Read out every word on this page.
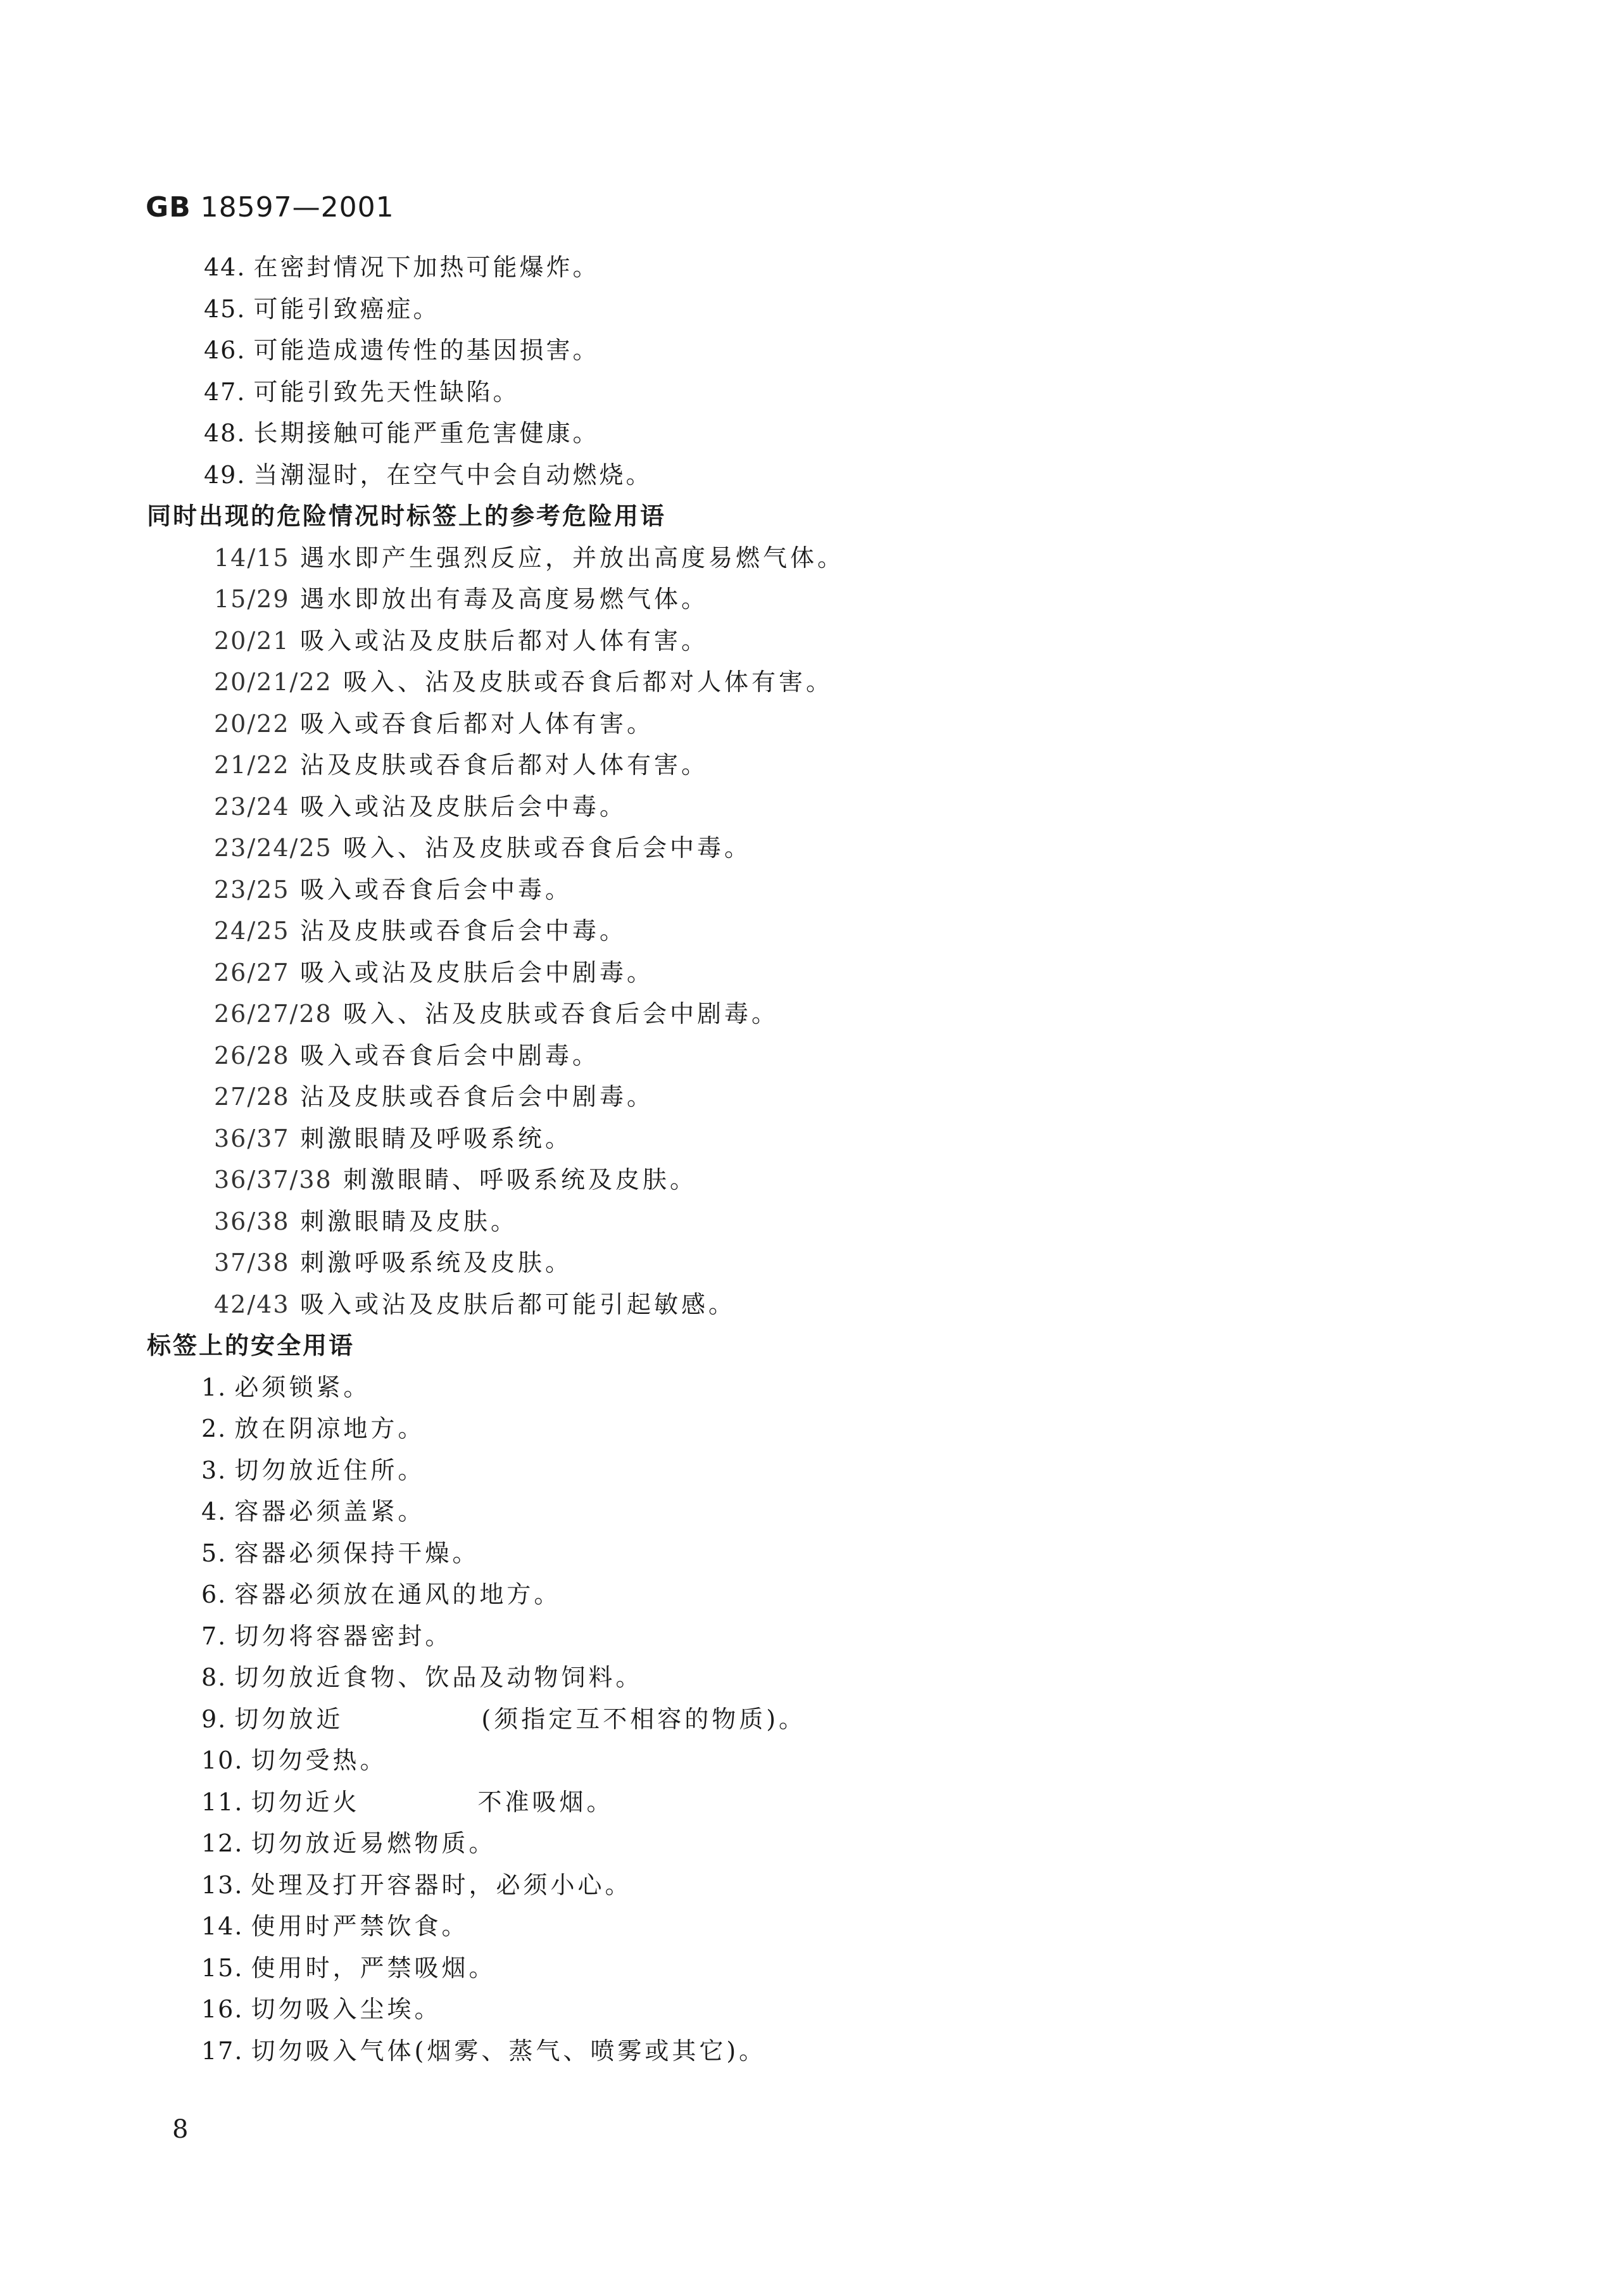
GB 18597—2001
44. 在密封情况下加热可能爆炸。
45. 可能引致癌症。
46. 可能造成遗传性的基因损害。
47. 可能引致先天性缺陷。
48. 长期接触可能严重危害健康。
49. 当潮湿时，在空气中会自动燃烧。
同时出现的危险情况时标签上的参考危险用语
14/15 遇水即产生强烈反应，并放出高度易燃气体。
15/29 遇水即放出有毒及高度易燃气体。
20/21 吸入或沾及皮肤后都对人体有害。
20/21/22 吸入、沾及皮肤或吞食后都对人体有害。
20/22 吸入或吞食后都对人体有害。
21/22 沾及皮肤或吞食后都对人体有害。
23/24 吸入或沾及皮肤后会中毒。
23/24/25 吸入、沾及皮肤或吞食后会中毒。
23/25 吸入或吞食后会中毒。
24/25 沾及皮肤或吞食后会中毒。
26/27 吸入或沾及皮肤后会中剧毒。
26/27/28 吸入、沾及皮肤或吞食后会中剧毒。
26/28 吸入或吞食后会中剧毒。
27/28 沾及皮肤或吞食后会中剧毒。
36/37 刺激眼睛及呼吸系统。
36/37/38 刺激眼睛、呼吸系统及皮肤。
36/38 刺激眼睛及皮肤。
37/38 刺激呼吸系统及皮肤。
42/43 吸入或沾及皮肤后都可能引起敏感。
标签上的安全用语
1. 必须锁紧。
2. 放在阴凉地方。
3. 切勿放近住所。
4. 容器必须盖紧。
5. 容器必须保持干燥。
6. 容器必须放在通风的地方。
7. 切勿将容器密封。
8. 切勿放近食物、饮品及动物饲料。
9. 切勿放近	(须指定互不相容的物质)。
10. 切勿受热。
11. 切勿近火	不准吸烟。
12. 切勿放近易燃物质。
13. 处理及打开容器时，必须小心。
14. 使用时严禁饮食。
15. 使用时，严禁吸烟。
16. 切勿吸入尘埃。
17. 切勿吸入气体(烟雾、蒸气、喷雾或其它)。
8
